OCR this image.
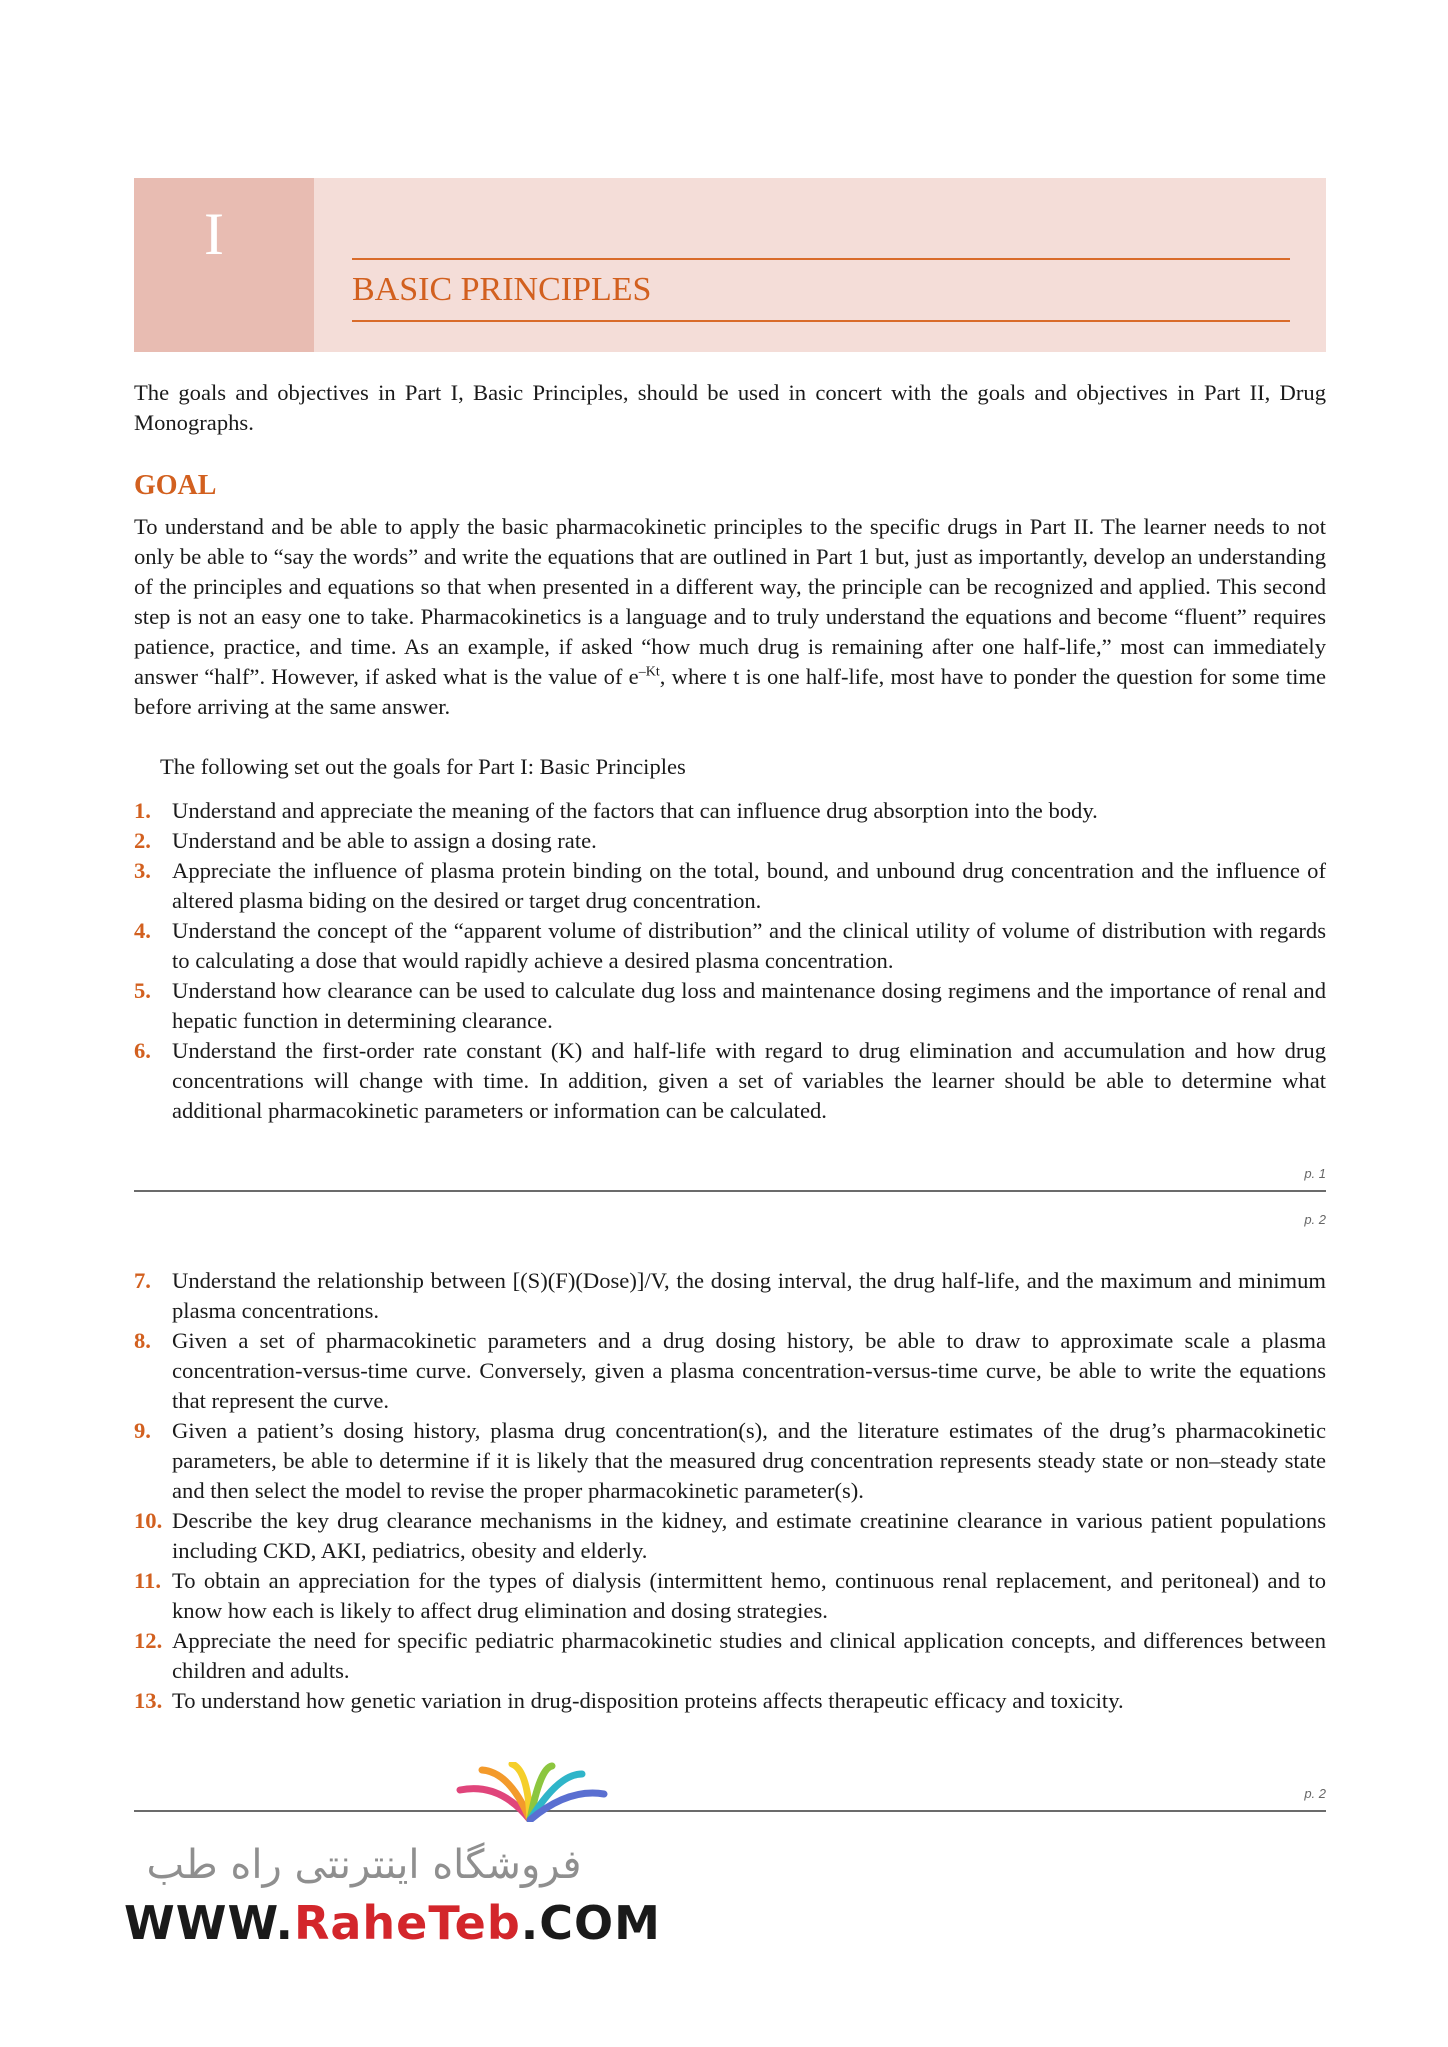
I
BASIC PRINCIPLES

The goals and objectives in Part I, Basic Principles, should be used in concert with the goals and objectives in Part II, Drug Monographs.

GOAL

To understand and be able to apply the basic pharmacokinetic principles to the specific drugs in Part II. The learner needs to not only be able to “say the words” and write the equations that are outlined in Part 1 but, just as importantly, develop an understanding of the principles and equations so that when presented in a different way, the principle can be recognized and applied. This second step is not an easy one to take. Pharmacokinetics is a language and to truly understand the equations and become “fluent” requires patience, practice, and time. As an example, if asked “how much drug is remaining after one half-life,” most can immediately answer “half”. However, if asked what is the value of $e^{-Kt}$, where t is one half-life, most have to ponder the question for some time before arriving at the same answer.

The following set out the goals for Part I: Basic Principles
1. Understand and appreciate the meaning of the factors that can influence drug absorption into the body.
2. Understand and be able to assign a dosing rate.
3. Appreciate the influence of plasma protein binding on the total, bound, and unbound drug concentration and the influence of altered plasma biding on the desired or target drug concentration.
4. Understand the concept of the “apparent volume of distribution” and the clinical utility of volume of distribution with regards to calculating a dose that would rapidly achieve a desired plasma concentration.
5. Understand how clearance can be used to calculate dug loss and maintenance dosing regimens and the importance of renal and hepatic function in determining clearance.
6. Understand the first-order rate constant (K) and half-life with regard to drug elimination and accumulation and how drug concentrations will change with time. In addition, given a set of variables the learner should be able to determine what additional pharmacokinetic parameters or information can be calculated.
p. 1
p. 2
7. Understand the relationship between [(S)(F)(Dose)]/V, the dosing interval, the drug half-life, and the maximum and minimum plasma concentrations.
8. Given a set of pharmacokinetic parameters and a drug dosing history, be able to draw to approximate scale a plasma concentration-versus-time curve. Conversely, given a plasma concentration-versus-time curve, be able to write the equations that represent the curve.
9. Given a patient’s dosing history, plasma drug concentration(s), and the literature estimates of the drug’s pharmacokinetic parameters, be able to determine if it is likely that the measured drug concentration represents steady state or non–steady state and then select the model to revise the proper pharmacokinetic parameter(s).
10. Describe the key drug clearance mechanisms in the kidney, and estimate creatinine clearance in various patient populations including CKD, AKI, pediatrics, obesity and elderly.
11. To obtain an appreciation for the types of dialysis (intermittent hemo, continuous renal replacement, and peritoneal) and to know how each is likely to affect drug elimination and dosing strategies.
12. Appreciate the need for specific pediatric pharmacokinetic studies and clinical application concepts, and differences between children and adults.
13. To understand how genetic variation in drug-disposition proteins affects therapeutic efficacy and toxicity.
p. 2
فروشگاه اینترنتی راه طب
WWW.RaheTeb.COM
